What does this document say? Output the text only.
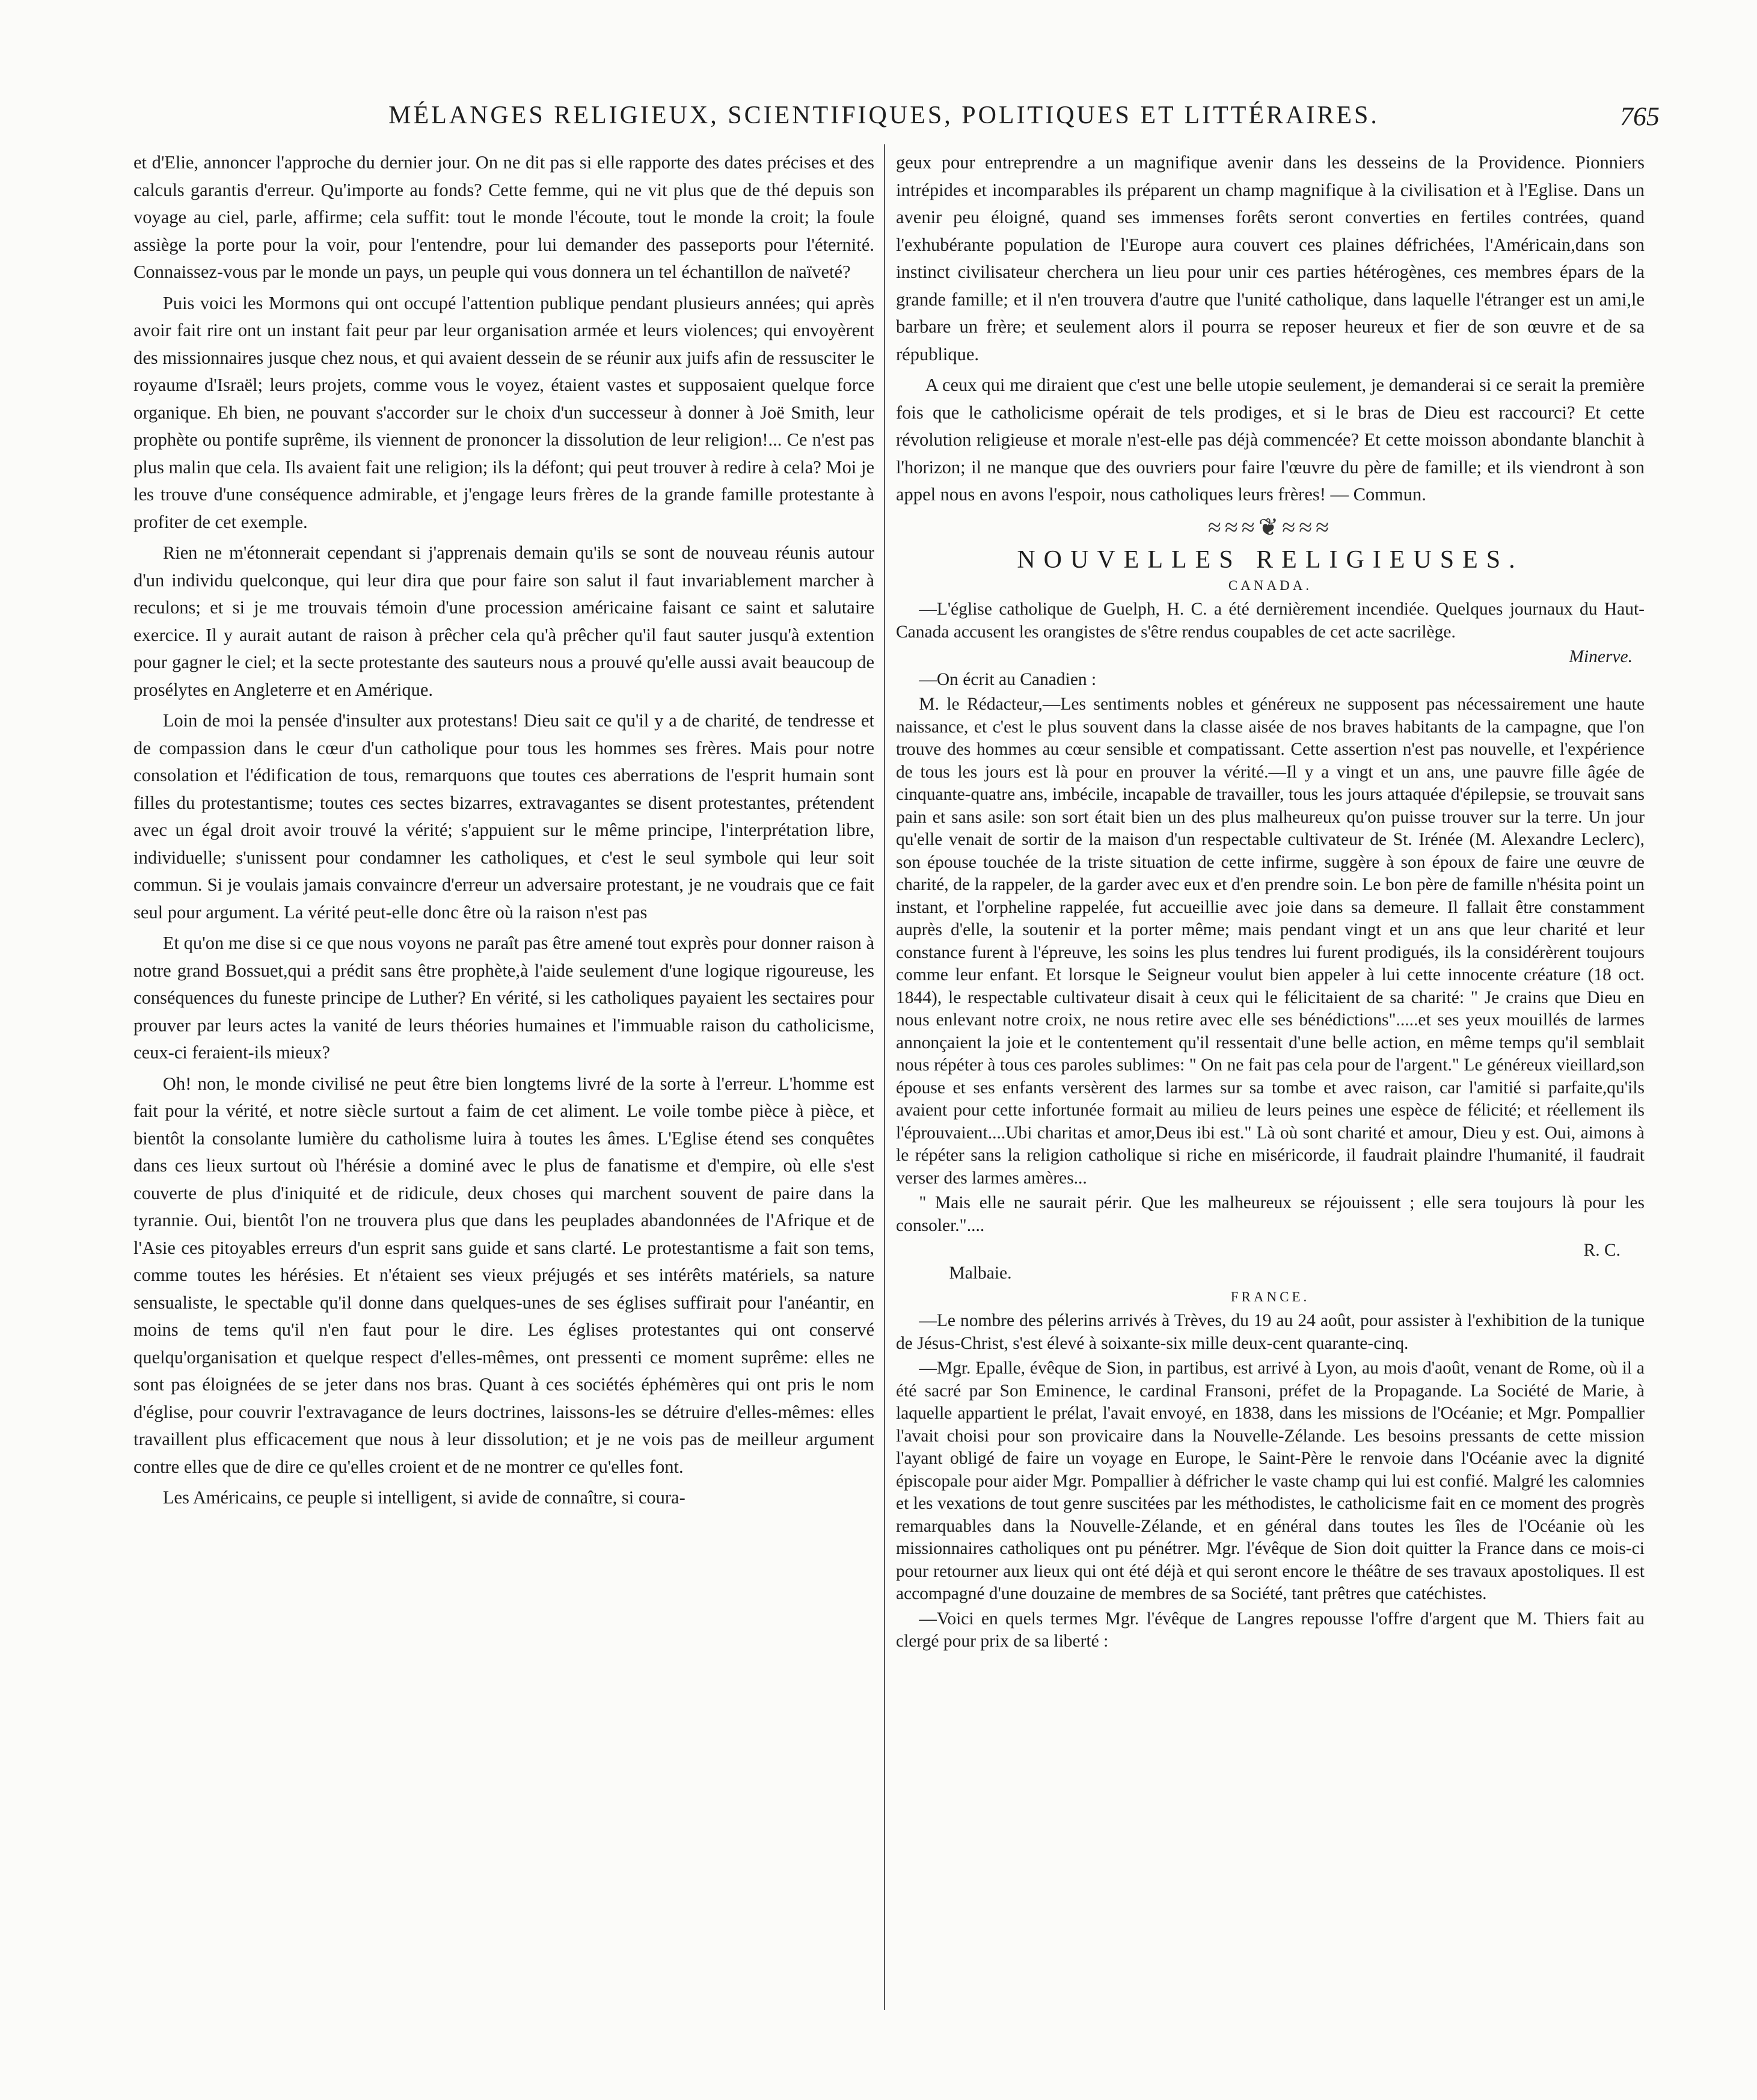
MÉLANGES RELIGIEUX, SCIENTIFIQUES, POLITIQUES ET LITTÉRAIRES.	765

et d'Elie, annoncer l'approche du dernier jour. On ne dit pas si elle rapporte des dates précises et des calculs garantis d'erreur. Qu'importe au fonds? Cette femme, qui ne vit plus que de thé depuis son voyage au ciel, parle, affirme; cela suffit: tout le monde l'écoute, tout le monde la croit; la foule assiège la porte pour la voir, pour l'entendre, pour lui demander des passeports pour l'éternité. Connaissez-vous par le monde un pays, un peuple qui vous donnera un tel échantillon de naïveté?

Puis voici les Mormons qui ont occupé l'attention publique pendant plusieurs années; qui après avoir fait rire ont un instant fait peur par leur organisation armée et leurs violences; qui envoyèrent des missionnaires jusque chez nous, et qui avaient dessein de se réunir aux juifs afin de ressusciter le royaume d'Israël; leurs projets, comme vous le voyez, étaient vastes et supposaient quelque force organique. Eh bien, ne pouvant s'accorder sur le choix d'un successeur à donner à Joë Smith, leur prophète ou pontife suprême, ils viennent de prononcer la dissolution de leur religion!... Ce n'est pas plus malin que cela. Ils avaient fait une religion; ils la défont; qui peut trouver à redire à cela? Moi je les trouve d'une conséquence admirable, et j'engage leurs frères de la grande famille protestante à profiter de cet exemple.

Rien ne m'étonnerait cependant si j'apprenais demain qu'ils se sont de nouveau réunis autour d'un individu quelconque, qui leur dira que pour faire son salut il faut invariablement marcher à reculons; et si je me trouvais témoin d'une procession américaine faisant ce saint et salutaire exercice. Il y aurait autant de raison à prêcher cela qu'à prêcher qu'il faut sauter jusqu'à extention pour gagner le ciel; et la secte protestante des sauteurs nous a prouvé qu'elle aussi avait beaucoup de prosélytes en Angleterre et en Amérique.

Loin de moi la pensée d'insulter aux protestans! Dieu sait ce qu'il y a de charité, de tendresse et de compassion dans le cœur d'un catholique pour tous les hommes ses frères. Mais pour notre consolation et l'édification de tous, remarquons que toutes ces aberrations de l'esprit humain sont filles du protestantisme; toutes ces sectes bizarres, extravagantes se disent protestantes, prétendent avec un égal droit avoir trouvé la vérité; s'appuient sur le même principe, l'interprétation libre, individuelle; s'unissent pour condamner les catholiques, et c'est le seul symbole qui leur soit commun. Si je voulais jamais convaincre d'erreur un adversaire protestant, je ne voudrais que ce fait seul pour argument. La vérité peut-elle donc être où la raison n'est pas

Et qu'on me dise si ce que nous voyons ne paraît pas être amené tout exprès pour donner raison à notre grand Bossuet,qui a prédit sans être prophète,à l'aide seulement d'une logique rigoureuse, les conséquences du funeste principe de Luther? En vérité, si les catholiques payaient les sectaires pour prouver par leurs actes la vanité de leurs théories humaines et l'immuable raison du catholicisme, ceux-ci feraient-ils mieux?

Oh! non, le monde civilisé ne peut être bien longtems livré de la sorte à l'erreur. L'homme est fait pour la vérité, et notre siècle surtout a faim de cet aliment. Le voile tombe pièce à pièce, et bientôt la consolante lumière du catholisme luira à toutes les âmes. L'Eglise étend ses conquêtes dans ces lieux surtout où l'hérésie a dominé avec le plus de fanatisme et d'empire, où elle s'est couverte de plus d'iniquité et de ridicule, deux choses qui marchent souvent de paire dans la tyrannie. Oui, bientôt l'on ne trouvera plus que dans les peuplades abandonnées de l'Afrique et de l'Asie ces pitoyables erreurs d'un esprit sans guide et sans clarté. Le protestantisme a fait son tems, comme toutes les hérésies. Et n'étaient ses vieux préjugés et ses intérêts matériels, sa nature sensualiste, le spectable qu'il donne dans quelques-unes de ses églises suffirait pour l'anéantir, en moins de tems qu'il n'en faut pour le dire. Les églises protestantes qui ont conservé quelqu'organisation et quelque respect d'elles-mêmes, ont pressenti ce moment suprême: elles ne sont pas éloignées de se jeter dans nos bras. Quant à ces sociétés éphémères qui ont pris le nom d'église, pour couvrir l'extravagance de leurs doctrines, laissons-les se détruire d'elles-mêmes: elles travaillent plus efficacement que nous à leur dissolution; et je ne vois pas de meilleur argument contre elles que de dire ce qu'elles croient et de ne montrer ce qu'elles font.

Les Américains, ce peuple si intelligent, si avide de connaître, si coura-

geux pour entreprendre a un magnifique avenir dans les desseins de la Providence. Pionniers intrépides et incomparables ils préparent un champ magnifique à la civilisation et à l'Eglise. Dans un avenir peu éloigné, quand ses immenses forêts seront converties en fertiles contrées, quand l'exhubérante population de l'Europe aura couvert ces plaines défrichées, l'Américain,dans son instinct civilisateur cherchera un lieu pour unir ces parties hétérogènes, ces membres épars de la grande famille; et il n'en trouvera d'autre que l'unité catholique, dans laquelle l'étranger est un ami,le barbare un frère; et seulement alors il pourra se reposer heureux et fier de son œuvre et de sa république.

A ceux qui me diraient que c'est une belle utopie seulement, je demanderai si ce serait la première fois que le catholicisme opérait de tels prodiges, et si le bras de Dieu est raccourci? Et cette révolution religieuse et morale n'est-elle pas déjà commencée? Et cette moisson abondante blanchit à l'horizon; il ne manque que des ouvriers pour faire l'œuvre du père de famille; et ils viendront à son appel nous en avons l'espoir, nous catholiques leurs frères! — Commun.

≈≈≈❦≈≈≈
NOUVELLES RELIGIEUSES.
CANADA.

—L'église catholique de Guelph, H. C. a été dernièrement incendiée. Quelques journaux du Haut-Canada accusent les orangistes de s'être rendus coupables de cet acte sacrilège.

Minerve.

—On écrit au Canadien :

M. le Rédacteur,—Les sentiments nobles et généreux ne supposent pas nécessairement une haute naissance, et c'est le plus souvent dans la classe aisée de nos braves habitants de la campagne, que l'on trouve des hommes au cœur sensible et compatissant. Cette assertion n'est pas nouvelle, et l'expérience de tous les jours est là pour en prouver la vérité.—Il y a vingt et un ans, une pauvre fille âgée de cinquante-quatre ans, imbécile, incapable de travailler, tous les jours attaquée d'épilepsie, se trouvait sans pain et sans asile: son sort était bien un des plus malheureux qu'on puisse trouver sur la terre. Un jour qu'elle venait de sortir de la maison d'un respectable cultivateur de St. Irénée (M. Alexandre Leclerc), son épouse touchée de la triste situation de cette infirme, suggère à son époux de faire une œuvre de charité, de la rappeler, de la garder avec eux et d'en prendre soin. Le bon père de famille n'hésita point un instant, et l'orpheline rappelée, fut accueillie avec joie dans sa demeure. Il fallait être constamment auprès d'elle, la soutenir et la porter même; mais pendant vingt et un ans que leur charité et leur constance furent à l'épreuve, les soins les plus tendres lui furent prodigués, ils la considérèrent toujours comme leur enfant. Et lorsque le Seigneur voulut bien appeler à lui cette innocente créature (18 oct. 1844), le respectable cultivateur disait à ceux qui le félicitaient de sa charité: " Je crains que Dieu en nous enlevant notre croix, ne nous retire avec elle ses bénédictions".....et ses yeux mouillés de larmes annonçaient la joie et le contentement qu'il ressentait d'une belle action, en même temps qu'il semblait nous répéter à tous ces paroles sublimes: " On ne fait pas cela pour de l'argent." Le généreux vieillard,son épouse et ses enfants versèrent des larmes sur sa tombe et avec raison, car l'amitié si parfaite,qu'ils avaient pour cette infortunée formait au milieu de leurs peines une espèce de félicité; et réellement ils l'éprouvaient....Ubi charitas et amor,Deus ibi est." Là où sont charité et amour, Dieu y est. Oui, aimons à le répéter sans la religion catholique si riche en miséricorde, il faudrait plaindre l'humanité, il faudrait verser des larmes amères...

" Mais elle ne saurait périr. Que les malheureux se réjouissent ; elle sera toujours là pour les consoler."....

R. C.

Malbaie.

FRANCE.

—Le nombre des pélerins arrivés à Trèves, du 19 au 24 août, pour assister à l'exhibition de la tunique de Jésus-Christ, s'est élevé à soixante-six mille deux-cent quarante-cinq.

—Mgr. Epalle, évêque de Sion, in partibus, est arrivé à Lyon, au mois d'août, venant de Rome, où il a été sacré par Son Eminence, le cardinal Fransoni, préfet de la Propagande. La Société de Marie, à laquelle appartient le prélat, l'avait envoyé, en 1838, dans les missions de l'Océanie; et Mgr. Pompallier l'avait choisi pour son provicaire dans la Nouvelle-Zélande. Les besoins pressants de cette mission l'ayant obligé de faire un voyage en Europe, le Saint-Père le renvoie dans l'Océanie avec la dignité épiscopale pour aider Mgr. Pompallier à défricher le vaste champ qui lui est confié. Malgré les calomnies et les vexations de tout genre suscitées par les méthodistes, le catholicisme fait en ce moment des progrès remarquables dans la Nouvelle-Zélande, et en général dans toutes les îles de l'Océanie où les missionnaires catholiques ont pu pénétrer. Mgr. l'évêque de Sion doit quitter la France dans ce mois-ci pour retourner aux lieux qui ont été déjà et qui seront encore le théâtre de ses travaux apostoliques. Il est accompagné d'une douzaine de membres de sa Société, tant prêtres que catéchistes.

—Voici en quels termes Mgr. l'évêque de Langres repousse l'offre d'argent que M. Thiers fait au clergé pour prix de sa liberté :
